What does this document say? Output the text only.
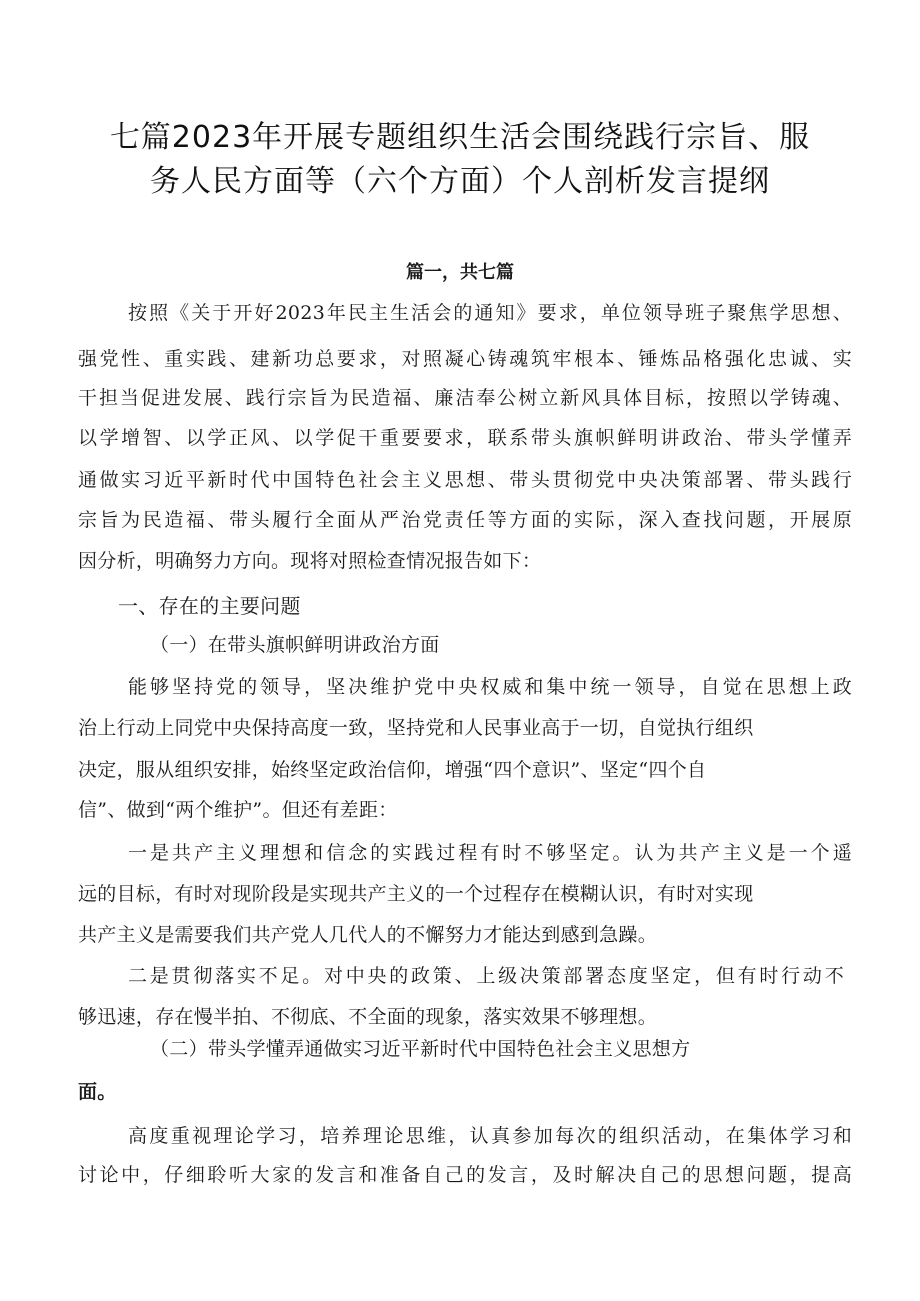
七篇2023年开展专题组织生活会围绕践行宗旨、服
务人民方面等（六个方面）个人剖析发言提纲
篇一，共七篇
按照《关于开好2023年民主生活会的通知》要求，单位领导班子聚焦学思想、
强党性、重实践、建新功总要求，对照凝心铸魂筑牢根本、锤炼品格强化忠诚、实
干担当促进发展、践行宗旨为民造福、廉洁奉公树立新风具体目标，按照以学铸魂、
以学增智、以学正风、以学促干重要要求，联系带头旗帜鲜明讲政治、带头学懂弄
通做实习近平新时代中国特色社会主义思想、带头贯彻党中央决策部署、带头践行
宗旨为民造福、带头履行全面从严治党责任等方面的实际，深入查找问题，开展原
因分析，明确努力方向。现将对照检查情况报告如下：
一、存在的主要问题
（一）在带头旗帜鲜明讲政治方面
能够坚持党的领导，坚决维护党中央权威和集中统一领导，自觉在思想上政
治上行动上同党中央保持高度一致，坚持党和人民事业高于一切，自觉执行组织
决定，服从组织安排，始终坚定政治信仰，增强“四个意识”、坚定“四个自
信”、做到“两个维护”。但还有差距：
一是共产主义理想和信念的实践过程有时不够坚定。认为共产主义是一个遥
远的目标，有时对现阶段是实现共产主义的一个过程存在模糊认识，有时对实现
共产主义是需要我们共产党人几代人的不懈努力才能达到感到急躁。
二是贯彻落实不足。对中央的政策、上级决策部署态度坚定，但有时行动不
够迅速，存在慢半拍、不彻底、不全面的现象，落实效果不够理想。
（二）带头学懂弄通做实习近平新时代中国特色社会主义思想方
面。
高度重视理论学习，培养理论思维，认真参加每次的组织活动，在集体学习和
讨论中，仔细聆听大家的发言和准备自己的发言，及时解决自己的思想问题，提高
